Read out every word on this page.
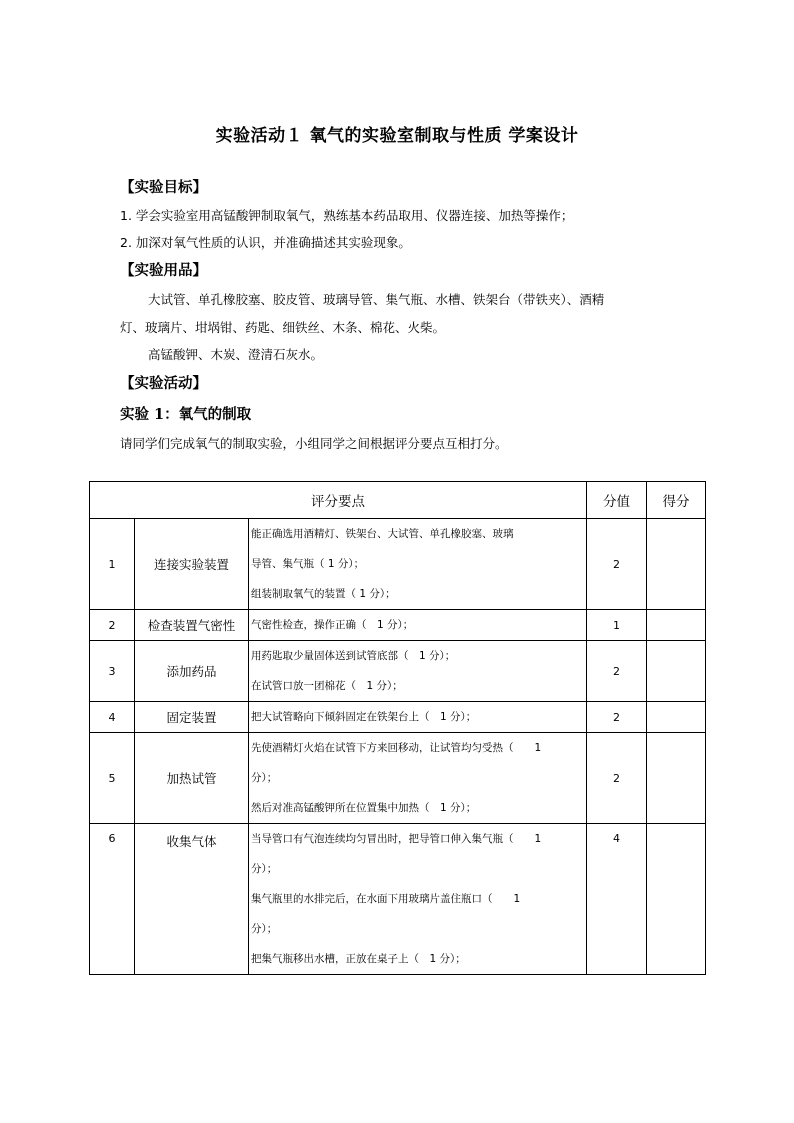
实验活动１ 氧气的实验室制取与性质 学案设计
【实验目标】
1. 学会实验室用高锰酸钾制取氧气，熟练基本药品取用、仪器连接、加热等操作；
2. 加深对氧气性质的认识，并准确描述其实验现象。
【实验用品】
大试管、单孔橡胶塞、胶皮管、玻璃导管、集气瓶、水槽、铁架台（带铁夹）、酒精
灯、玻璃片、坩埚钳、药匙、细铁丝、木条、棉花、火柴。
高锰酸钾、木炭、澄清石灰水。
【实验活动】
实验 1：氧气的制取
请同学们完成氧气的制取实验，小组同学之间根据评分要点互相打分。
评分要点			分值	得分
1	连接实验装置	能正确选用酒精灯、铁架台、大试管、单孔橡胶塞、玻璃
导管、集气瓶（ 1 分）；
组装制取氧气的装置（ 1 分）；	2	
2	检查装置气密性	气密性检查，操作正确（　1 分）；	1	
3	添加药品	用药匙取少量固体送到试管底部（　1 分）；
在试管口放一团棉花（　1 分）；	2	
4	固定装置	把大试管略向下倾斜固定在铁架台上（　1 分）；	2	
5	加热试管	先使酒精灯火焰在试管下方来回移动，让试管均匀受热（　　1
分）；
然后对准高锰酸钾所在位置集中加热（　1 分）；	2	
6	收集气体	当导管口有气泡连续均匀冒出时，把导管口伸入集气瓶（　　1
分）；
集气瓶里的水排完后，在水面下用玻璃片盖住瓶口（　　1
分）；
把集气瓶移出水槽，正放在桌子上（　1 分）；	4	
